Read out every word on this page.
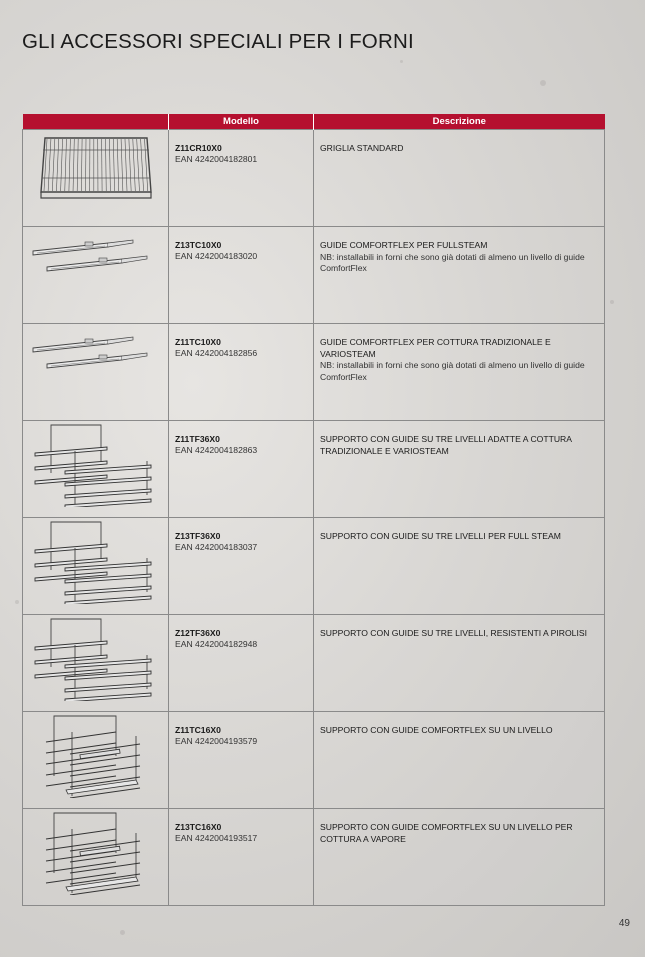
GLI ACCESSORI SPECIALI PER I FORNI
	Modello	Descrizione

Z11CR10X0
EAN 4242004182801	GRIGLIA STANDARD

Z13TC10X0
EAN 4242004183020	GUIDE COMFORTFLEX PER FULLSTEAM
NB: installabili in forni che sono già dotati di almeno un livello di guide ComfortFlex

Z11TC10X0
EAN 4242004182856	GUIDE COMFORTFLEX PER COTTURA TRADIZIONALE E VARIOSTEAM
NB: installabili in forni che sono già dotati di almeno un livello di guide ComfortFlex

Z11TF36X0
EAN 4242004182863	SUPPORTO CON GUIDE SU TRE LIVELLI ADATTE A COTTURA TRADIZIONALE E VARIOSTEAM

Z13TF36X0
EAN 4242004183037	SUPPORTO CON GUIDE SU TRE LIVELLI PER FULL STEAM

Z12TF36X0
EAN 4242004182948	SUPPORTO CON GUIDE SU TRE LIVELLI, RESISTENTI A PIROLISI

Z11TC16X0
EAN 4242004193579	SUPPORTO CON GUIDE COMFORTFLEX SU UN LIVELLO

Z13TC16X0
EAN 4242004193517	SUPPORTO CON GUIDE COMFORTFLEX SU UN LIVELLO PER COTTURA A VAPORE
49
